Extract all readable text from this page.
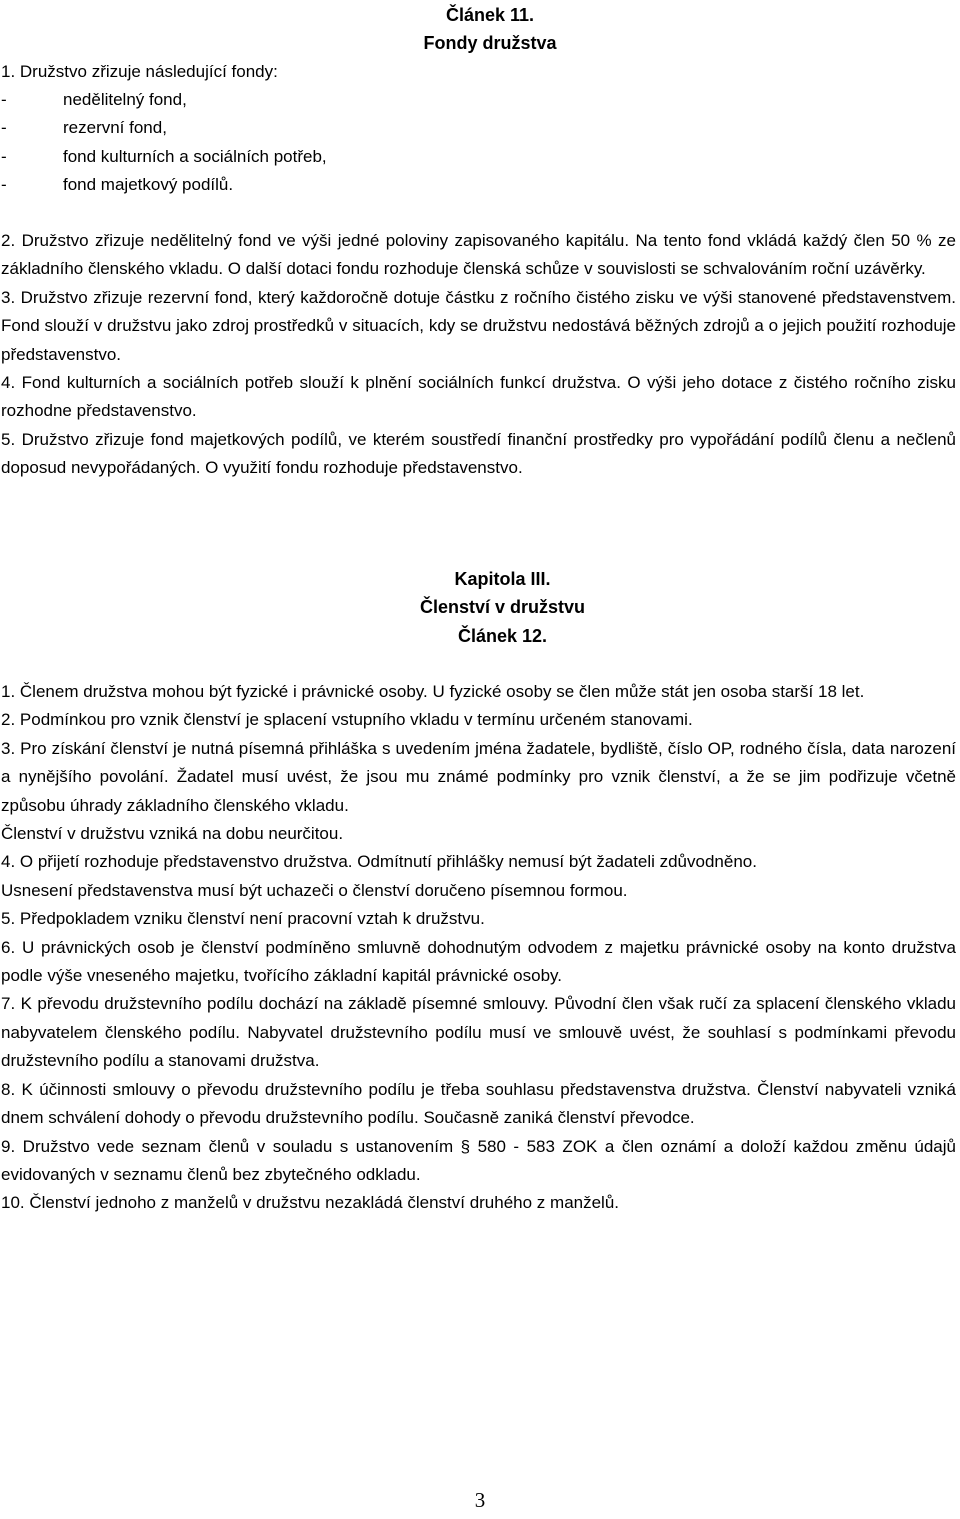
Článek 11.
Fondy družstva

1. Družstvo zřizuje následující fondy:

-	nedělitelný fond,
-	rezervní fond,
-	fond kulturních a sociálních potřeb,
-	fond majetkový podílů.

2. Družstvo zřizuje nedělitelný fond ve výši jedné poloviny zapisovaného kapitálu. Na tento fond vkládá každý člen 50 % ze základního členského vkladu. O další dotaci fondu rozhoduje členská schůze v souvislosti se schvalováním roční uzávěrky.

3. Družstvo zřizuje rezervní fond, který každoročně dotuje částku z ročního čistého zisku ve výši stanovené představenstvem. Fond slouží v družstvu jako zdroj prostředků v situacích, kdy se družstvu nedostává běžných zdrojů a o jejich použití rozhoduje představenstvo.

4. Fond kulturních a sociálních potřeb slouží k plnění sociálních funkcí družstva. O výši jeho dotace z čistého ročního zisku rozhodne představenstvo.

5. Družstvo zřizuje fond majetkových podílů, ve kterém soustředí finanční prostředky pro vypořádání podílů členu a nečlenů doposud nevypořádaných. O využití fondu rozhoduje představenstvo.

Kapitola III.
Členství v družstvu
Článek 12.

1. Členem družstva mohou být fyzické i právnické osoby. U fyzické osoby se člen může stát jen osoba starší 18 let.

2. Podmínkou pro vznik členství je splacení vstupního vkladu v termínu určeném stanovami.

3. Pro získání členství je nutná písemná přihláška s uvedením jména žadatele, bydliště, číslo OP, rodného čísla, data narození a nynějšího povolání. Žadatel musí uvést, že jsou mu známé podmínky pro vznik členství, a že se jim podřizuje včetně způsobu úhrady základního členského vkladu.

Členství v družstvu vzniká na dobu neurčitou.

4. O přijetí rozhoduje představenstvo družstva. Odmítnutí přihlášky nemusí být žadateli zdůvodněno.

Usnesení představenstva musí být uchazeči o členství doručeno písemnou formou.

5. Předpokladem vzniku členství není pracovní vztah k družstvu.

6. U právnických osob je členství podmíněno smluvně dohodnutým odvodem z majetku právnické osoby na konto družstva podle výše vneseného majetku, tvořícího základní kapitál právnické osoby.

7. K převodu družstevního podílu dochází na základě písemné smlouvy. Původní člen však ručí za splacení členského vkladu nabyvatelem členského podílu. Nabyvatel družstevního podílu musí ve smlouvě uvést, že souhlasí s podmínkami převodu družstevního podílu a stanovami družstva.

8. K účinnosti smlouvy o převodu družstevního podílu je třeba souhlasu představenstva družstva. Členství nabyvateli vzniká dnem schválení dohody o převodu družstevního podílu. Současně zaniká členství převodce.

9. Družstvo vede seznam členů v souladu s ustanovením § 580 - 583 ZOK a člen oznámí a doloží každou změnu údajů evidovaných v seznamu členů bez zbytečného odkladu.

10. Členství jednoho z manželů v družstvu nezakládá členství druhého z manželů.

3
